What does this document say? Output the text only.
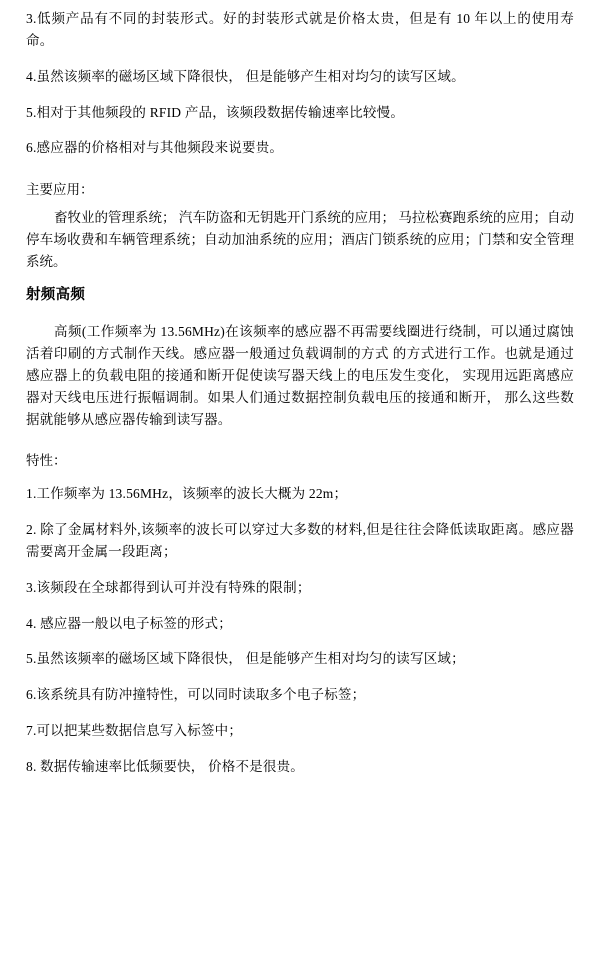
3.低频产品有不同的封装形式。好的封装形式就是价格太贵，但是有 10 年以上的使用寿命。

4.虽然该频率的磁场区域下降很快， 但是能够产生相对均匀的读写区域。

5.相对于其他频段的 RFID 产品，该频段数据传输速率比较慢。

6.感应器的价格相对与其他频段来说要贵。

主要应用：

畜牧业的管理系统； 汽车防盗和无钥匙开门系统的应用； 马拉松赛跑系统的应用；自动停车场收费和车辆管理系统；自动加油系统的应用；酒店门锁系统的应用；门禁和安全管理系统。

射频高频

高频(工作频率为 13.56MHz)在该频率的感应器不再需要线圈进行绕制，可以通过腐蚀活着印刷的方式制作天线。感应器一般通过负载调制的方式 的方式进行工作。也就是通过感应器上的负载电阻的接通和断开促使读写器天线上的电压发生变化， 实现用远距离感应器对天线电压进行振幅调制。如果人们通过数据控制负载电压的接通和断开， 那么这些数据就能够从感应器传输到读写器。

特性：

1.工作频率为 13.56MHz，该频率的波长大概为 22m；

2. 除了金属材料外,该频率的波长可以穿过大多数的材料,但是往往会降低读取距离。感应器需要离开金属一段距离；

3.该频段在全球都得到认可并没有特殊的限制；

4. 感应器一般以电子标签的形式；

5.虽然该频率的磁场区域下降很快， 但是能够产生相对均匀的读写区域；

6.该系统具有防冲撞特性，可以同时读取多个电子标签；

7.可以把某些数据信息写入标签中；

8. 数据传输速率比低频要快， 价格不是很贵。
